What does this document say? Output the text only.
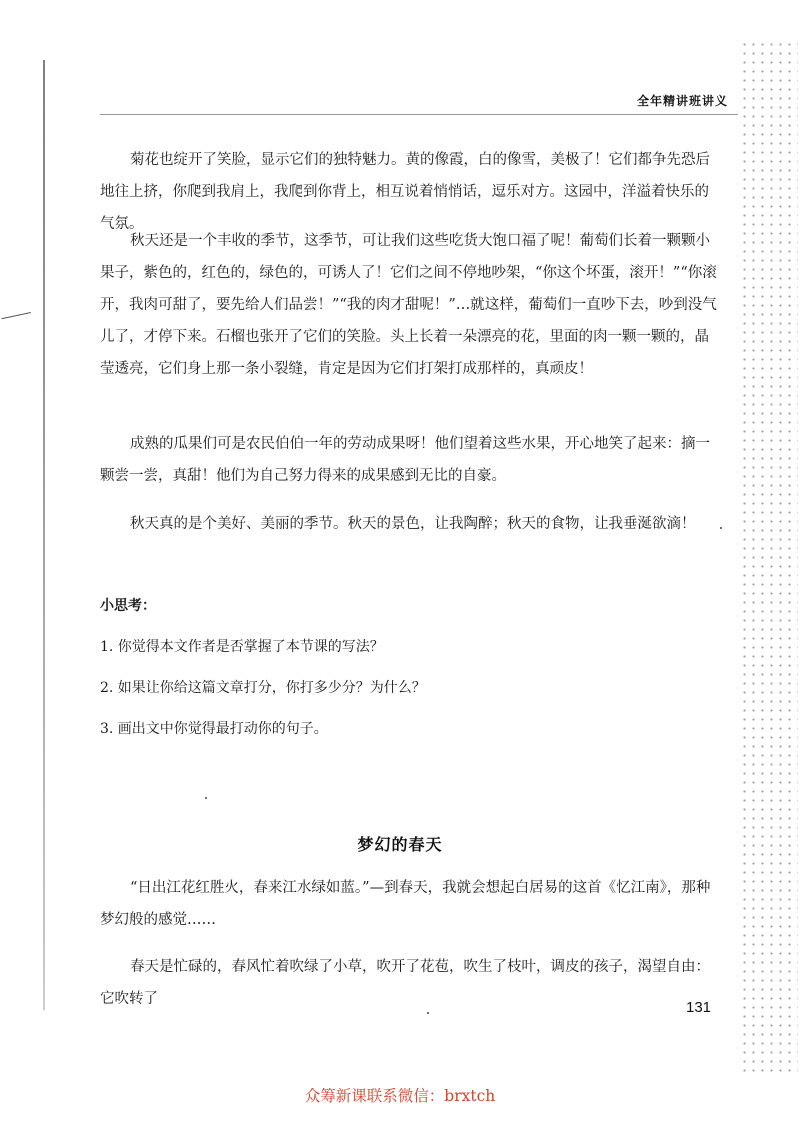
全年精讲班讲义

菊花也绽开了笑脸，显示它们的独特魅力。黄的像霞，白的像雪，美极了！它们都争先恐后地往上挤，你爬到我肩上，我爬到你背上，相互说着悄悄话，逗乐对方。这园中，洋溢着快乐的气氛。

秋天还是一个丰收的季节，这季节，可让我们这些吃货大饱口福了呢！葡萄们长着一颗颗小果子，紫色的，红色的，绿色的，可诱人了！它们之间不停地吵架，“你这个坏蛋，滚开！”“你滚开，我肉可甜了，要先给人们品尝！”“我的肉才甜呢！”…就这样，葡萄们一直吵下去，吵到没气儿了，才停下来。石榴也张开了它们的笑脸。头上长着一朵漂亮的花，里面的肉一颗一颗的，晶莹透亮，它们身上那一条小裂缝，肯定是因为它们打架打成那样的，真顽皮！

成熟的瓜果们可是农民伯伯一年的劳动成果呀！他们望着这些水果，开心地笑了起来：摘一颗尝一尝，真甜！他们为自己努力得来的成果感到无比的自豪。

秋天真的是个美好、美丽的季节。秋天的景色，让我陶醉；秋天的食物，让我垂涎欲滴！

小思考：

1. 你觉得本文作者是否掌握了本节课的写法？

2. 如果让你给这篇文章打分，你打多少分？为什么？

3. 画出文中你觉得最打动你的句子。

梦幻的春天

“日出江花红胜火，春来江水绿如蓝。”—到春天，我就会想起白居易的这首《忆江南》，那种梦幻般的感觉……

春天是忙碌的，春风忙着吹绿了小草，吹开了花苞，吹生了枝叶，调皮的孩子，渴望自由：它吹转了	131
众筹新课联系微信：brxtch
